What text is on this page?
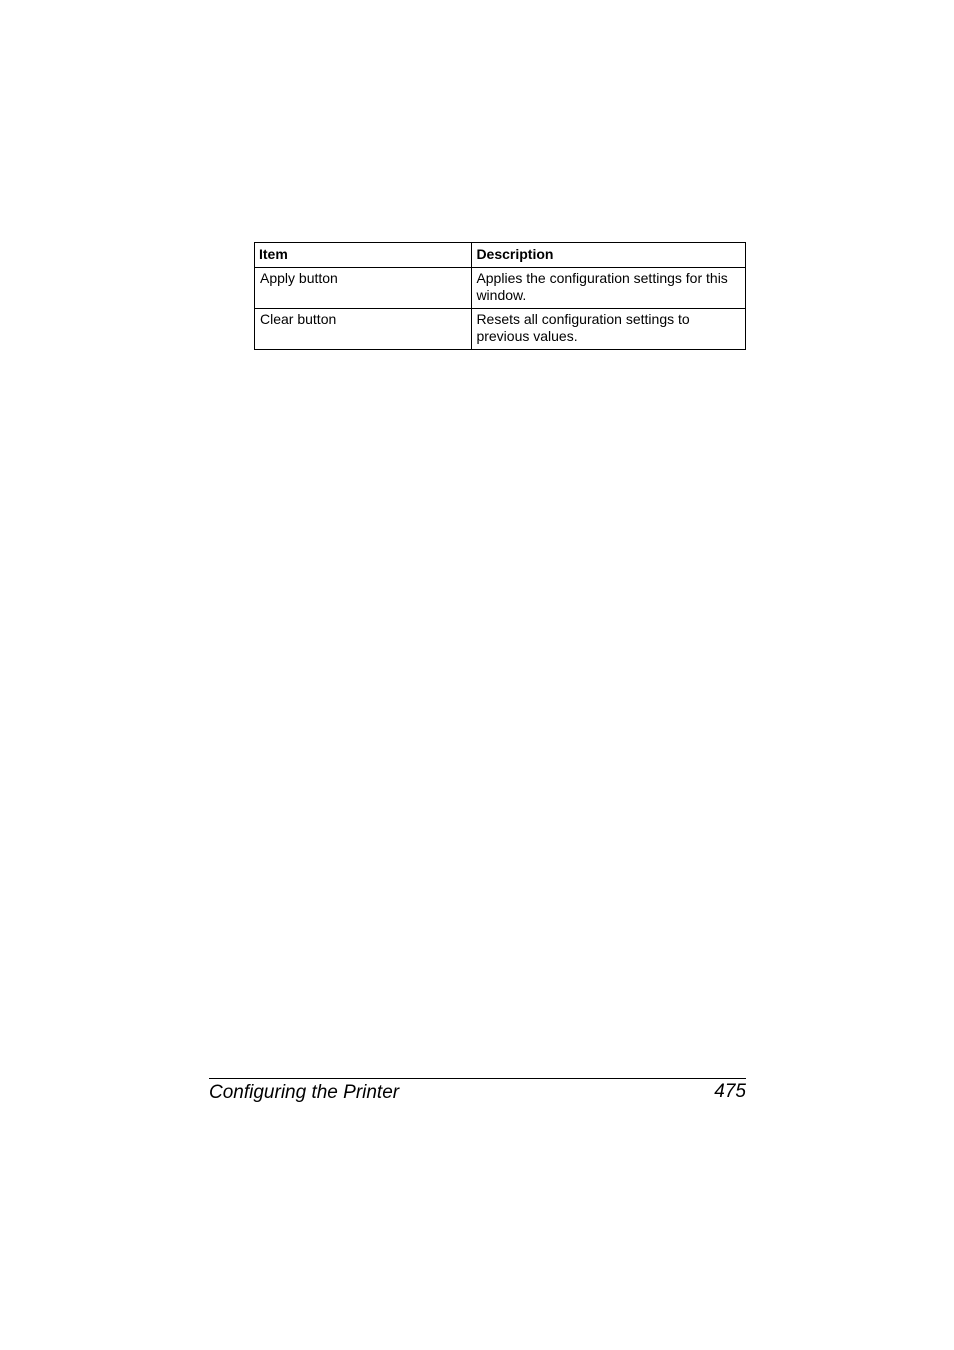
Item	Description
Apply button	Applies the configuration settings for this
window.
Clear button	Resets all configuration settings to
previous values.
Configuring the Printer	475
